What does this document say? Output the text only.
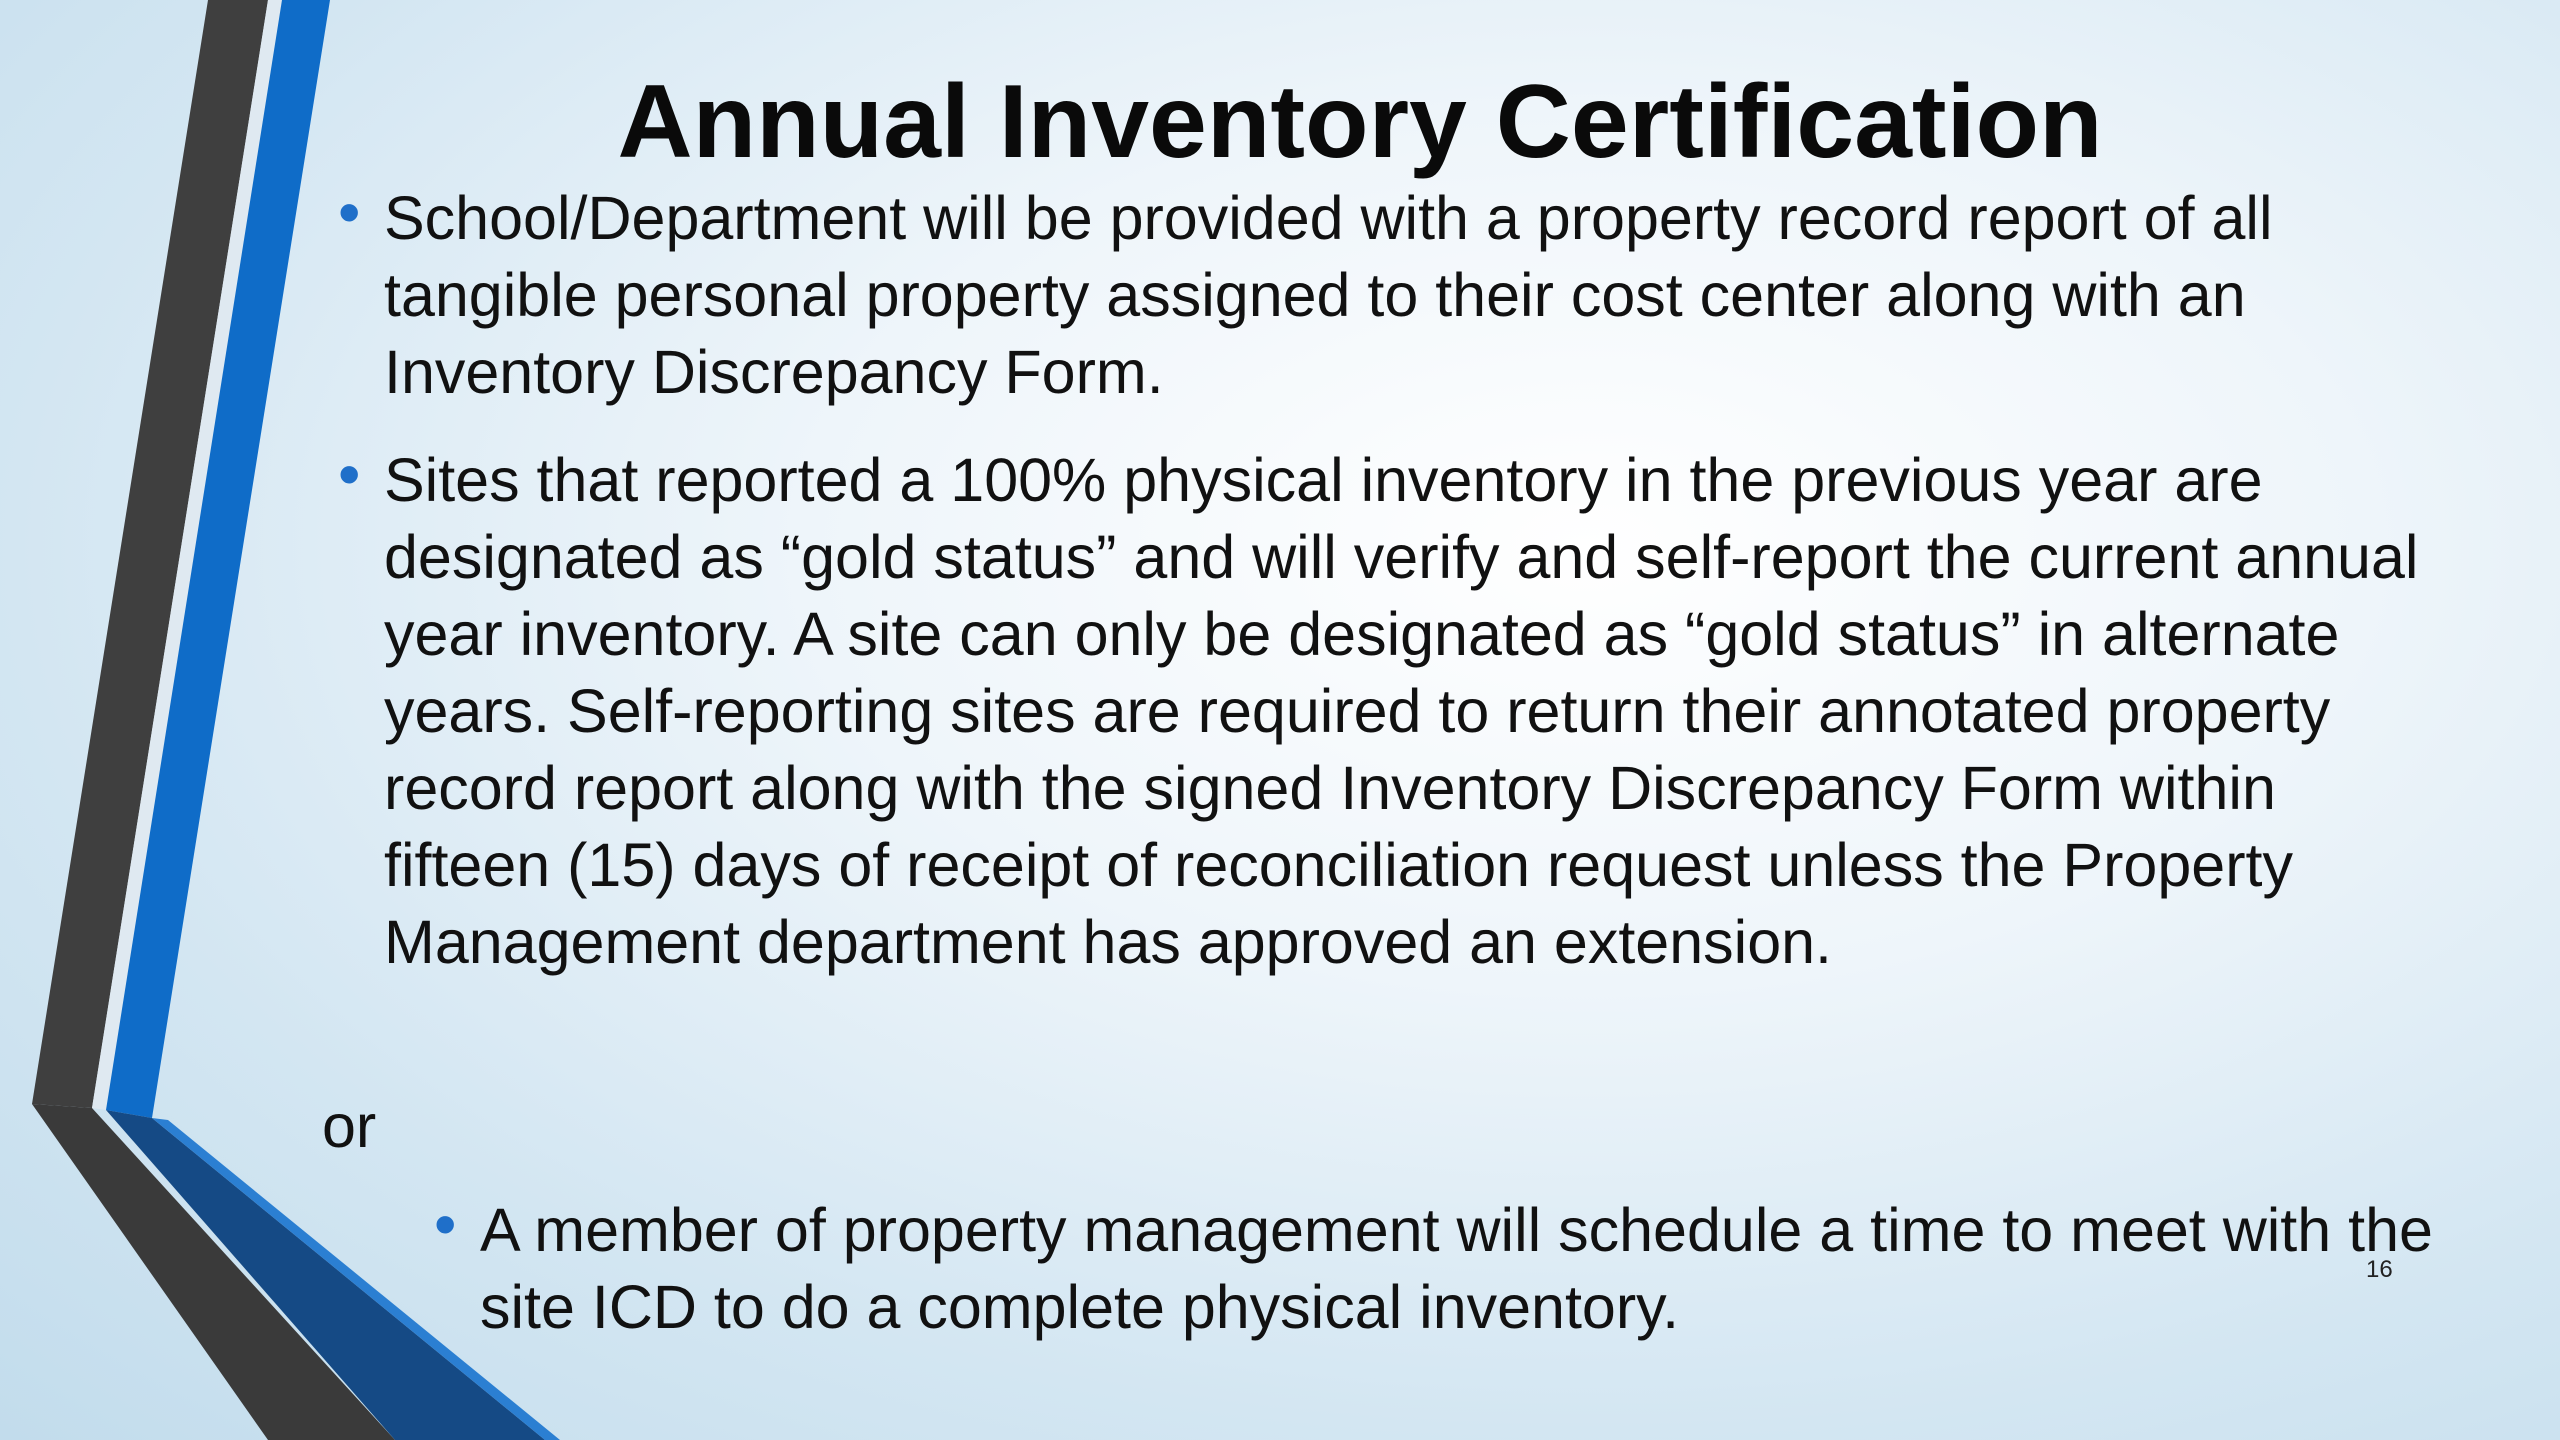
Annual Inventory Certification

• School/Department will be provided with a property record report of all tangible personal property assigned to their cost center along with an Inventory Discrepancy Form.

• Sites that reported a 100% physical inventory in the previous year are designated as “gold status” and will verify and self-report the current annual year inventory. A site can only be designated as “gold status” in alternate years. Self-reporting sites are required to return their annotated property record report along with the signed Inventory Discrepancy Form within fifteen (15) days of receipt of reconciliation request unless the Property Management department has approved an extension.

or

• A member of property management will schedule a time to meet with the site ICD to do a complete physical inventory.

16
